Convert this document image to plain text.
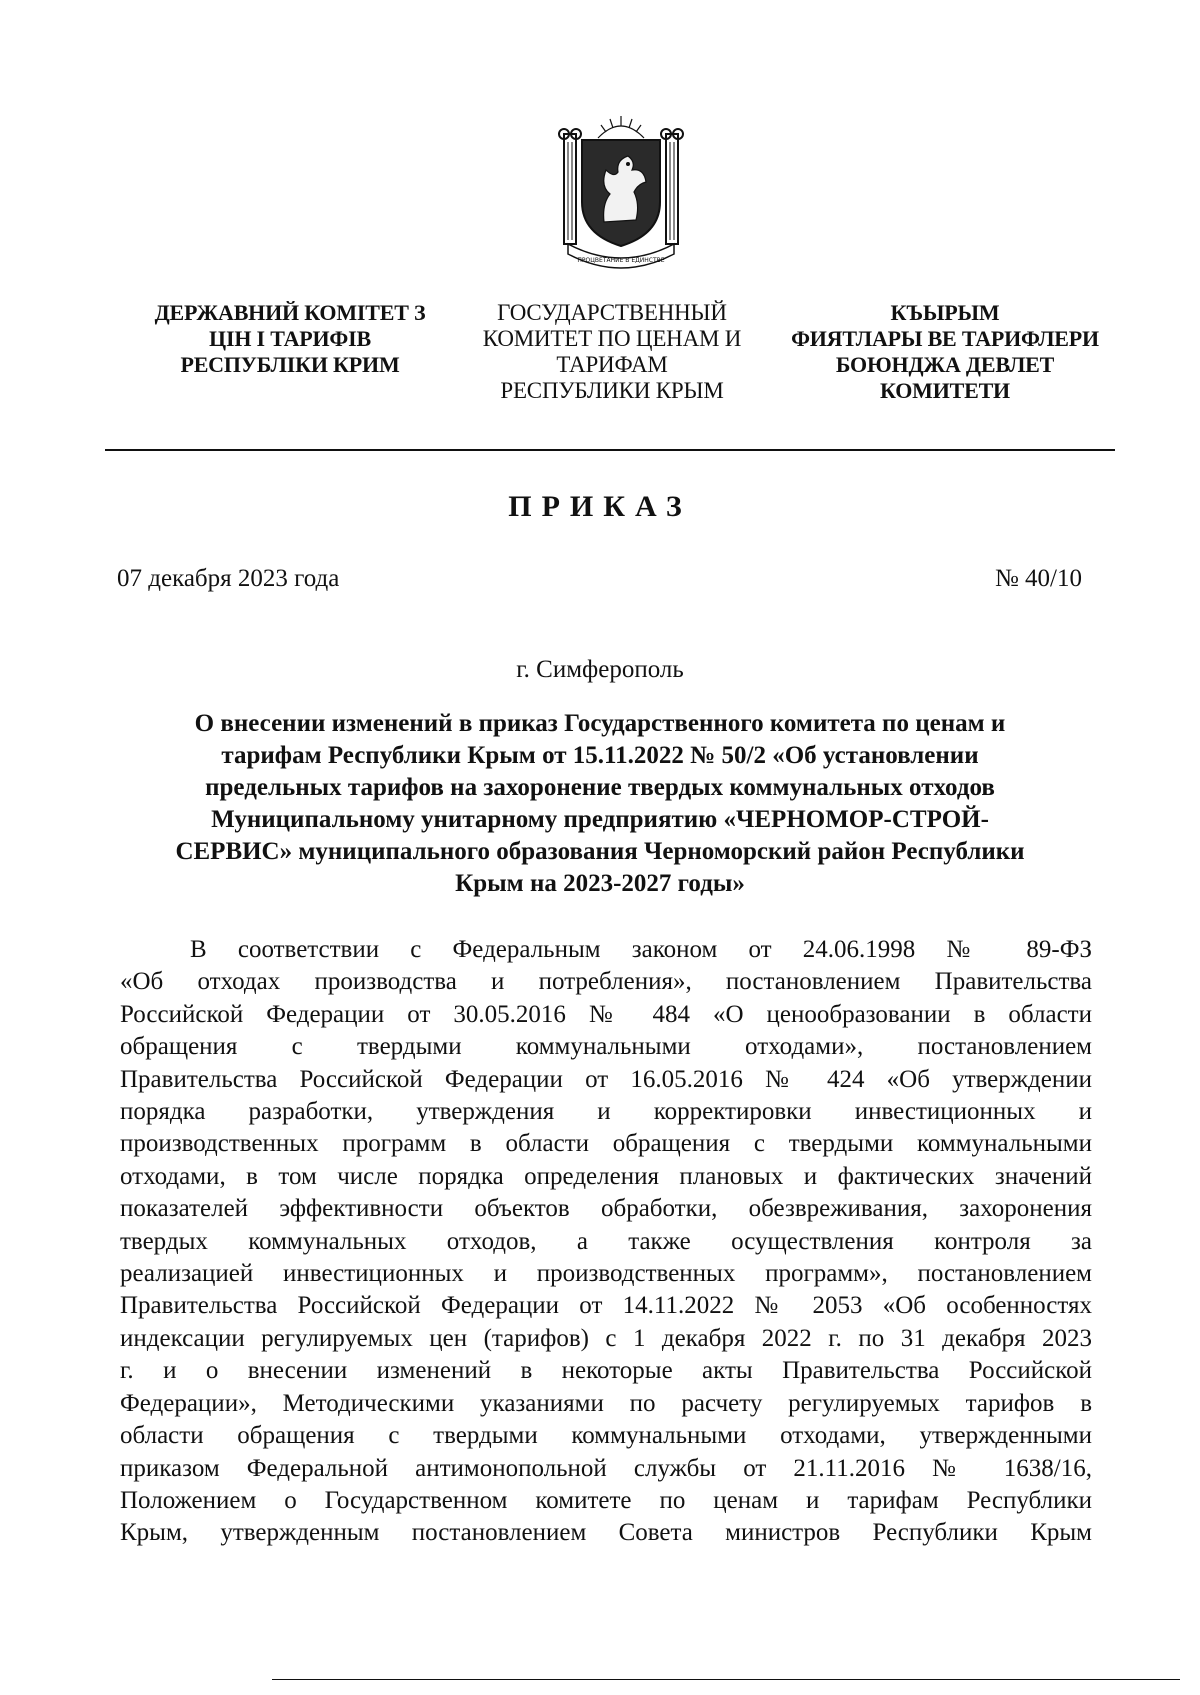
ПРОЦВЕТАНИЕ В ЕДИНСТВЕ
ДЕРЖАВНИЙ КОМІТЕТ З
ЦІН І ТАРИФІВ
РЕСПУБЛІКИ КРИМ
ГОСУДАРСТВЕННЫЙ
КОМИТЕТ ПО ЦЕНАМ И
ТАРИФАМ
РЕСПУБЛИКИ КРЫМ
КЪЫРЫМ
ФИЯТЛАРЫ ВЕ ТАРИФЛЕРИ
БОЮНДЖА ДЕВЛЕТ
КОМИТЕТИ
ПРИКАЗ
07 декабря 2023 года	№ 40/10
г. Симферополь
О внесении изменений в приказ Государственного комитета по ценам и
тарифам Республики Крым от 15.11.2022 № 50/2 «Об установлении
предельных тарифов на захоронение твердых коммунальных отходов
Муниципальному унитарному предприятию «ЧЕРНОМОР-СТРОЙ-
СЕРВИС» муниципального образования Черноморский район Республики
Крым на 2023-2027 годы»
В соответствии с Федеральным законом от 24.06.1998 № 89-ФЗ
«Об отходах производства и потребления», постановлением Правительства
Российской Федерации от 30.05.2016 № 484 «О ценообразовании в области
обращения с твердыми коммунальными отходами», постановлением
Правительства Российской Федерации от 16.05.2016 № 424 «Об утверждении
порядка разработки, утверждения и корректировки инвестиционных и
производственных программ в области обращения с твердыми коммунальными
отходами, в том числе порядка определения плановых и фактических значений
показателей эффективности объектов обработки, обезвреживания, захоронения
твердых коммунальных отходов, а также осуществления контроля за
реализацией инвестиционных и производственных программ», постановлением
Правительства Российской Федерации от 14.11.2022 № 2053 «Об особенностях
индексации регулируемых цен (тарифов) с 1 декабря 2022 г. по 31 декабря 2023
г. и о внесении изменений в некоторые акты Правительства Российской
Федерации», Методическими указаниями по расчету регулируемых тарифов в
области обращения с твердыми коммунальными отходами, утвержденными
приказом Федеральной антимонопольной службы от 21.11.2016 № 1638/16,
Положением о Государственном комитете по ценам и тарифам Республики
Крым, утвержденным постановлением Совета министров Республики Крым
